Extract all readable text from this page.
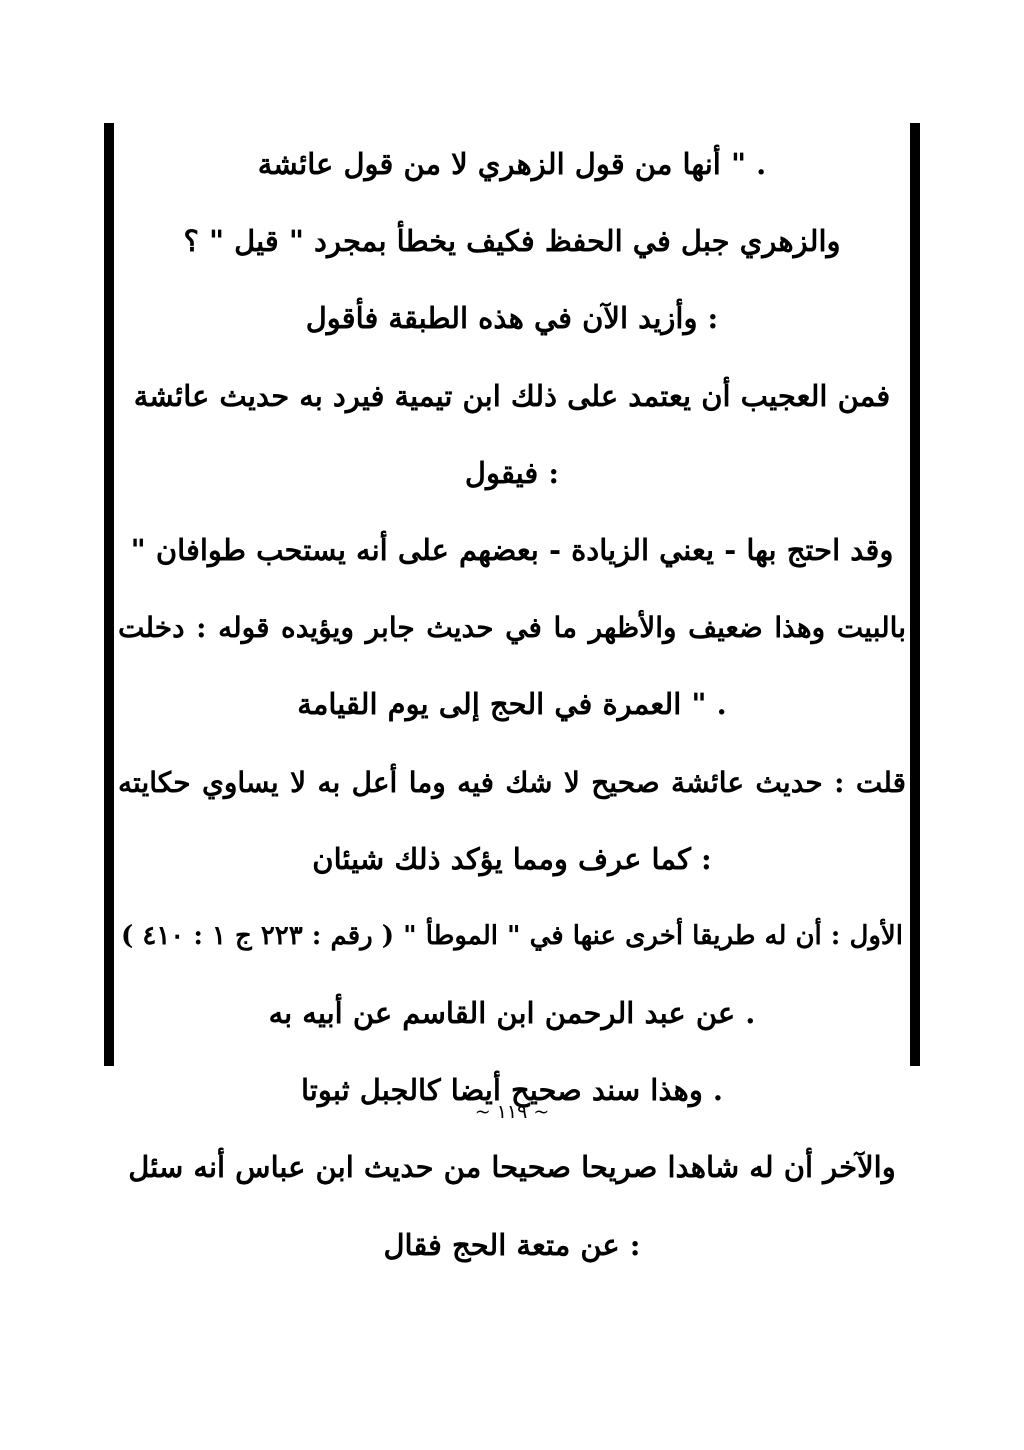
. " أنها من قول الزهري لا من قول عائشة
والزهري جبل في الحفظ فكيف يخطأ بمجرد " قيل " ؟
: وأزيد الآن في هذه الطبقة فأقول
فمن العجيب أن يعتمد على ذلك ابن تيمية فيرد به حديث عائشة
: فيقول
وقد احتج بها - يعني الزيادة - بعضهم على أنه يستحب طوافان "
بالبيت وهذا ضعيف والأظهر ما في حديث جابر ويؤيده قوله : دخلت
. " العمرة في الحج إلى يوم القيامة
قلت : حديث عائشة صحيح لا شك فيه وما أعل به لا يساوي حكايته
: كما عرف ومما يؤكد ذلك شيئان
الأول : أن له طريقا أخرى عنها في " الموطأ " ( رقم : ٢٢٣ ج ١ : ٤١٠ )
. عن عبد الرحمن ابن القاسم عن أبيه به
. وهذا سند صحيح أيضا كالجبل ثبوتا
والآخر أن له شاهدا صريحا صحيحا من حديث ابن عباس أنه سئل
: عن متعة الحج فقال
~ ١١٩ ~
